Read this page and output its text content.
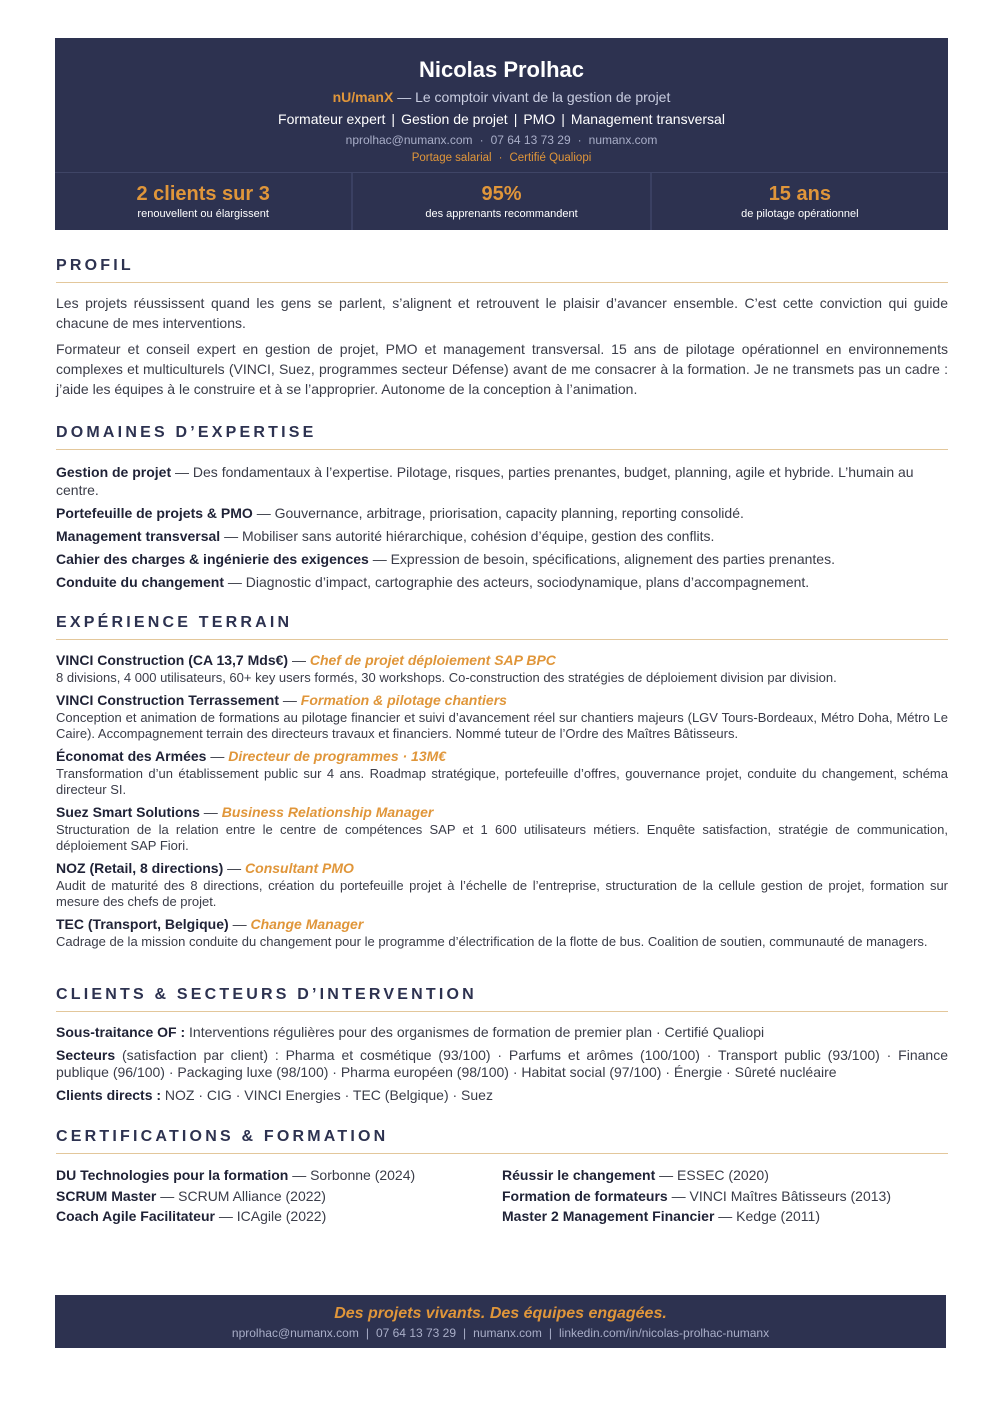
Nicolas Prolhac
nU/manX — Le comptoir vivant de la gestion de projet
Formateur expert | Gestion de projet | PMO | Management transversal
nprolhac@numanx.com · 07 64 13 73 29 · numanx.com
Portage salarial · Certifié Qualiopi
2 clients sur 3
renouvellent ou élargissent
95%
des apprenants recommandent
15 ans
de pilotage opérationnel
PROFIL

Les projets réussissent quand les gens se parlent, s’alignent et retrouvent le plaisir d’avancer ensemble. C’est cette conviction qui guide chacune de mes interventions.

Formateur et conseil expert en gestion de projet, PMO et management transversal. 15 ans de pilotage opérationnel en environnements complexes et multiculturels (VINCI, Suez, programmes secteur Défense) avant de me consacrer à la formation. Je ne transmets pas un cadre : j’aide les équipes à le construire et à se l’approprier. Autonome de la conception à l’animation.

DOMAINES D’EXPERTISE
Gestion de projet — Des fondamentaux à l’expertise. Pilotage, risques, parties prenantes, budget, planning, agile et hybride. L’humain au centre.
Portefeuille de projets & PMO — Gouvernance, arbitrage, priorisation, capacity planning, reporting consolidé.
Management transversal — Mobiliser sans autorité hiérarchique, cohésion d’équipe, gestion des conflits.
Cahier des charges & ingénierie des exigences — Expression de besoin, spécifications, alignement des parties prenantes.
Conduite du changement — Diagnostic d’impact, cartographie des acteurs, sociodynamique, plans d’accompagnement.
EXPÉRIENCE TERRAIN
VINCI Construction (CA 13,7 Mds€) — Chef de projet déploiement SAP BPC
8 divisions, 4 000 utilisateurs, 60+ key users formés, 30 workshops. Co-construction des stratégies de déploiement division par division.
VINCI Construction Terrassement — Formation & pilotage chantiers
Conception et animation de formations au pilotage financier et suivi d’avancement réel sur chantiers majeurs (LGV Tours-Bordeaux, Métro Doha, Métro Le Caire). Accompagnement terrain des directeurs travaux et financiers. Nommé tuteur de l’Ordre des Maîtres Bâtisseurs.
Économat des Armées — Directeur de programmes · 13M€
Transformation d’un établissement public sur 4 ans. Roadmap stratégique, portefeuille d’offres, gouvernance projet, conduite du changement, schéma directeur SI.
Suez Smart Solutions — Business Relationship Manager
Structuration de la relation entre le centre de compétences SAP et 1 600 utilisateurs métiers. Enquête satisfaction, stratégie de communication, déploiement SAP Fiori.
NOZ (Retail, 8 directions) — Consultant PMO
Audit de maturité des 8 directions, création du portefeuille projet à l’échelle de l’entreprise, structuration de la cellule gestion de projet, formation sur mesure des chefs de projet.
TEC (Transport, Belgique) — Change Manager
Cadrage de la mission conduite du changement pour le programme d’électrification de la flotte de bus. Coalition de soutien, communauté de managers.
CLIENTS & SECTEURS D’INTERVENTION
Sous-traitance OF : Interventions régulières pour des organismes de formation de premier plan · Certifié Qualiopi
Secteurs (satisfaction par client) : Pharma et cosmétique (93/100) · Parfums et arômes (100/100) · Transport public (93/100) · Finance publique (96/100) · Packaging luxe (98/100) · Pharma européen (98/100) · Habitat social (97/100) · Énergie · Sûreté nucléaire
Clients directs : NOZ · CIG · VINCI Energies · TEC (Belgique) · Suez
CERTIFICATIONS & FORMATION
DU Technologies pour la formation — Sorbonne (2024)
SCRUM Master — SCRUM Alliance (2022)
Coach Agile Facilitateur — ICAgile (2022)
Réussir le changement — ESSEC (2020)
Formation de formateurs — VINCI Maîtres Bâtisseurs (2013)
Master 2 Management Financier — Kedge (2011)
Des projets vivants. Des équipes engagées.
nprolhac@numanx.com | 07 64 13 73 29 | numanx.com | linkedin.com/in/nicolas-prolhac-numanx
